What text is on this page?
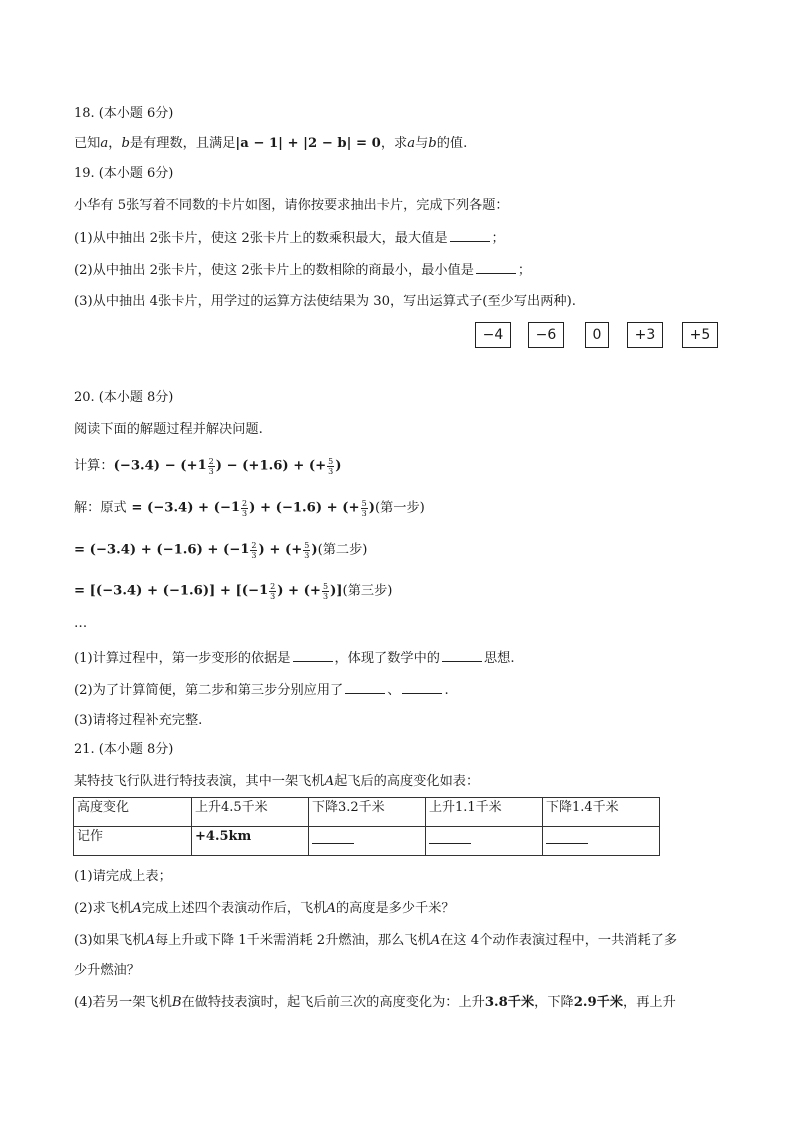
18. (本小题 6分)
已知a，b是有理数，且满足|a − 1| + |2 − b| = 0，求a与b的值.
19. (本小题 6分)
小华有 5张写着不同数的卡片如图，请你按要求抽出卡片，完成下列各题：
(1)从中抽出 2张卡片，使这 2张卡片上的数乘积最大，最大值是	；
(2)从中抽出 2张卡片，使这 2张卡片上的数相除的商最小，最小值是	；
(3)从中抽出 4张卡片，用学过的运算方法使结果为 30，写出运算式子(至少写出两种).
−4	−6	0	+3	+5
20. (本小题 8分)
阅读下面的解题过程并解决问题.
计算：(−3.4) − (+ $1 \frac{2}{3}$ ) − (+1.6) + (+ $\frac{5}{3}$ )
解：原式 = (−3.4) + (− $1 \frac{2}{3}$ ) + (−1.6) + (+ $\frac{5}{3}$ )(第一步)
= (−3.4) + (−1.6) + (− $1 \frac{2}{3}$ ) + (+ $\frac{5}{3}$ )(第二步)
= [(−3.4) + (−1.6)] + [(− $1 \frac{2}{3}$ ) + (+ $\frac{5}{3}$ )](第三步)
…
(1)计算过程中，第一步变形的依据是	，体现了数学中的	思想.
(2)为了计算简便，第二步和第三步分别应用了	、	.
(3)请将过程补充完整.
21. (本小题 8分)
某特技飞行队进行特技表演，其中一架飞机A起飞后的高度变化如表：
高度变化	上升4.5千米	下降3.2千米	上升1.1千米	下降1.4千米
记作	+4.5km			
(1)请完成上表；
(2)求飞机A完成上述四个表演动作后，飞机A的高度是多少千米？
(3)如果飞机A每上升或下降 1千米需消耗 2升燃油，那么飞机A在这 4个动作表演过程中，一共消耗了多
少升燃油？
(4)若另一架飞机B在做特技表演时，起飞后前三次的高度变化为：上升3.8千米，下降2.9千米，再上升
